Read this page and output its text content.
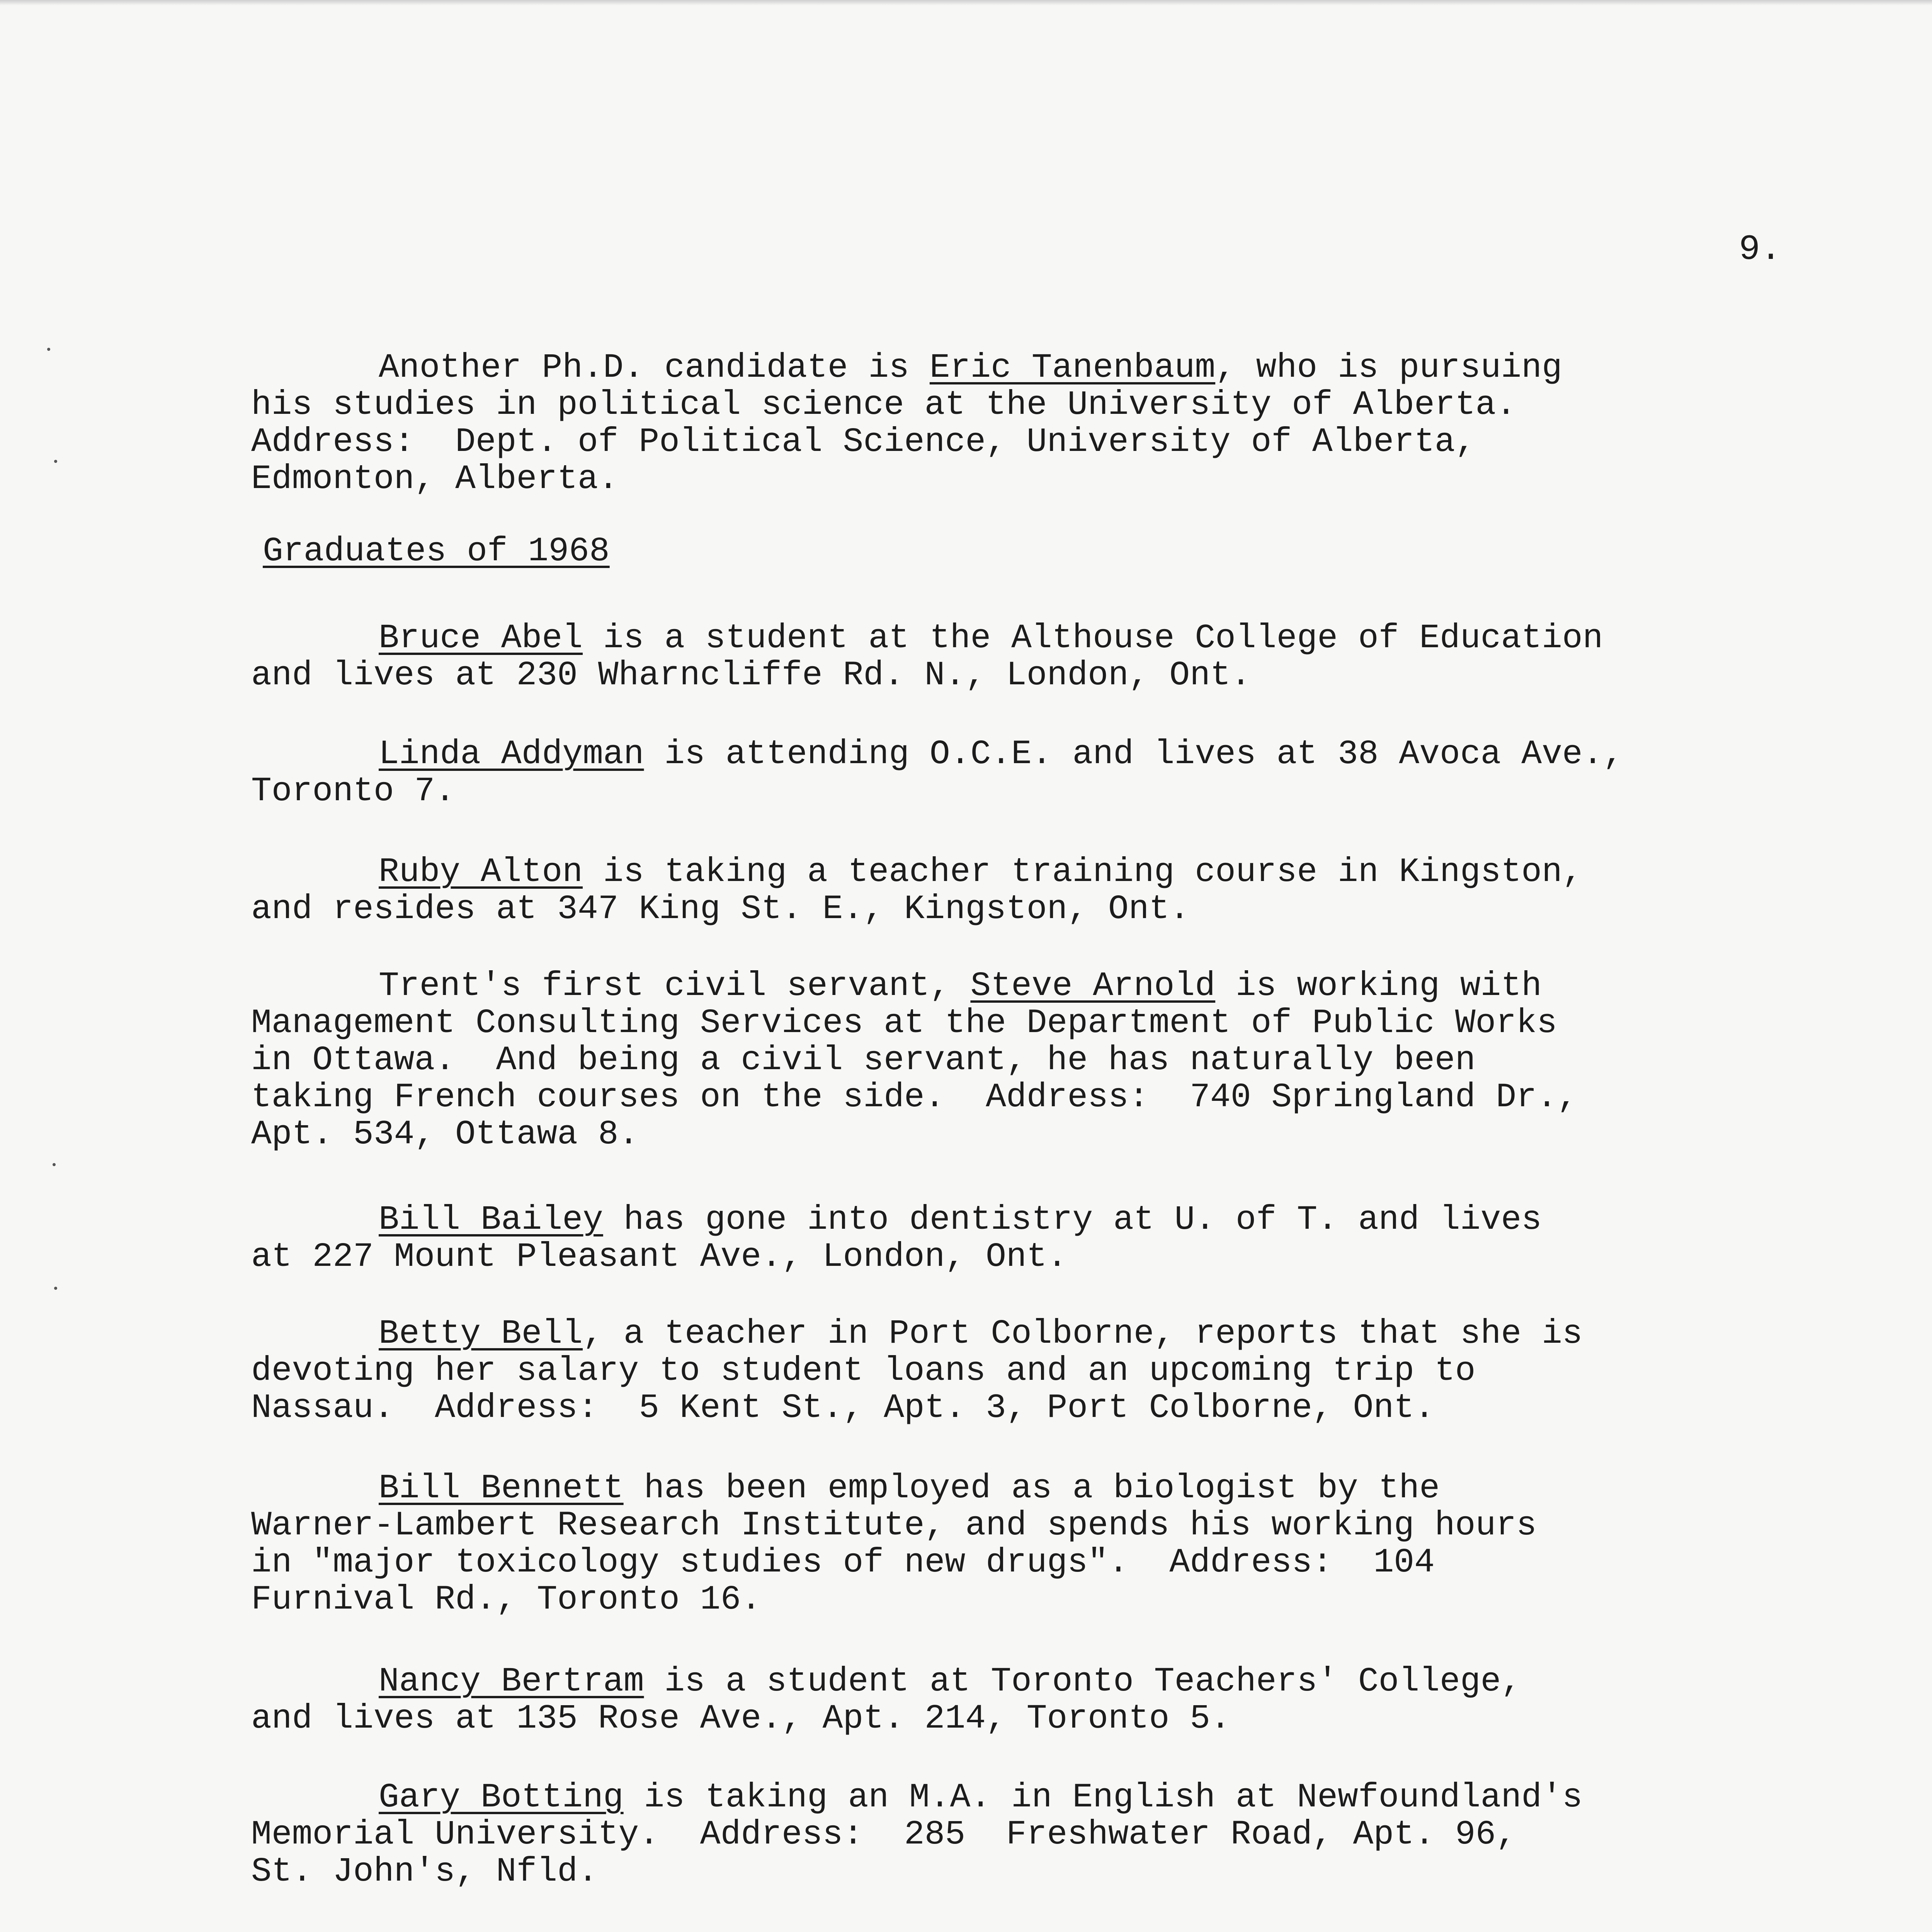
9.
Another Ph.D. candidate is Eric Tanenbaum, who is pursuing
his studies in political science at the University of Alberta.
Address:  Dept. of Political Science, University of Alberta,
Edmonton, Alberta.
Graduates of 1968
Bruce Abel is a student at the Althouse College of Education
and lives at 230 Wharncliffe Rd. N., London, Ont.
Linda Addyman is attending O.C.E. and lives at 38 Avoca Ave.,
Toronto 7.
Ruby Alton is taking a teacher training course in Kingston,
and resides at 347 King St. E., Kingston, Ont.
Trent's first civil servant, Steve Arnold is working with
Management Consulting Services at the Department of Public Works
in Ottawa.  And being a civil servant, he has naturally been
taking French courses on the side.  Address:  740 Springland Dr.,
Apt. 534, Ottawa 8.
Bill Bailey has gone into dentistry at U. of T. and lives
at 227 Mount Pleasant Ave., London, Ont.
Betty Bell, a teacher in Port Colborne, reports that she is
devoting her salary to student loans and an upcoming trip to
Nassau.  Address:  5 Kent St., Apt. 3, Port Colborne, Ont.
Bill Bennett has been employed as a biologist by the
Warner-Lambert Research Institute, and spends his working hours
in "major toxicology studies of new drugs".  Address:  104
Furnival Rd., Toronto 16.
Nancy Bertram is a student at Toronto Teachers' College,
and lives at 135 Rose Ave., Apt. 214, Toronto 5.
Gary Botting is taking an M.A. in English at Newfoundland's
Memorial University.  Address:  285  Freshwater Road, Apt. 96,
St. John's, Nfld.
